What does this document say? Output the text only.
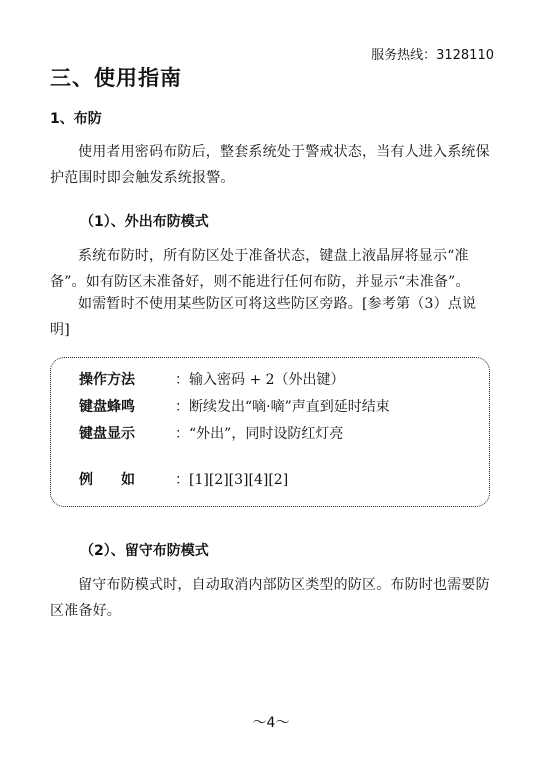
服务热线：3128110
三、使用指南
1、布防
使用者用密码布防后，整套系统处于警戒状态，当有人进入系统保护范围时即会触发系统报警。
（1）、外出布防模式
系统布防时，所有防区处于准备状态，键盘上液晶屏将显示“准备”。如有防区未准备好，则不能进行任何布防，并显示“未准备”。
如需暂时不使用某些防区可将这些防区旁路。[参考第（3）点说明]
操作方法	：输入密码 + 2（外出键）
键盘蜂鸣	：断续发出“嘀·嘀”声直到延时结束
键盘显示	：“外出”，同时设防红灯亮
例如 ：[1][2][3][4][2]
（2）、留守布防模式
留守布防模式时，自动取消内部防区类型的防区。布防时也需要防区准备好。
～4～
